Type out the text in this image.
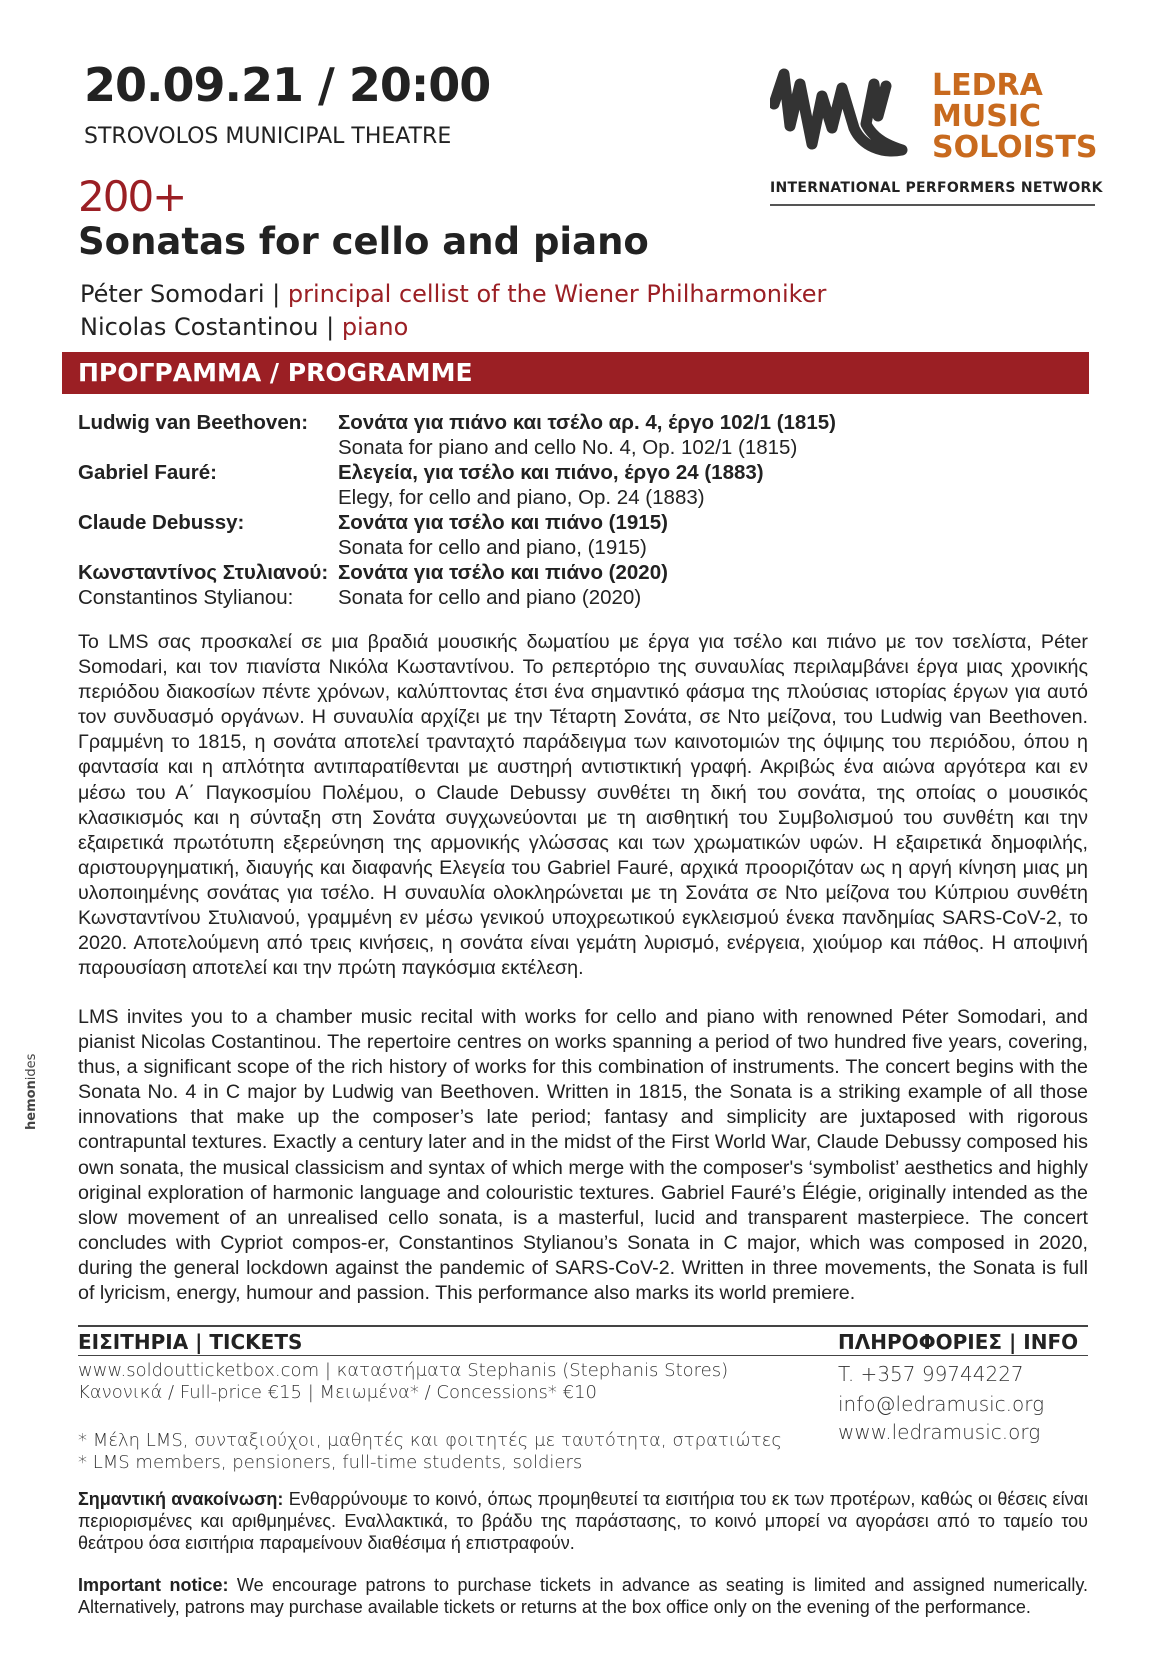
20.09.21 / 20:00
STROVOLOS MUNICIPAL THEATRE
LEDRA
MUSIC
SOLOISTS
INTERNATIONAL PERFORMERS NETWORK
200+
Sonatas for cello and piano
Péter Somodari | principal cellist of the Wiener Philharmoniker
Nicolas Costantinou | piano
ΠΡΟΓΡΑΜΜΑ / PROGRAMME
Ludwig van Beethoven:	Σονάτα για πιάνο και τσέλο αρ. 4, έργο 102/1 (1815)
Sonata for piano and cello No. 4, Op. 102/1 (1815)
Gabriel Fauré:	Ελεγεία, για τσέλο και πιάνο, έργο 24 (1883)
Elegy, for cello and piano, Op. 24 (1883)
Claude Debussy:	Σονάτα για τσέλο και πιάνο (1915)
Sonata for cello and piano, (1915)
Κωνσταντίνος Στυλιανού: Σονάτα για τσέλο και πιάνο (2020)
Constantinos Stylianou:	Sonata for cello and piano (2020)
Το LMS σας προσκαλεί σε μια βραδιά μουσικής δωματίου με έργα για τσέλο και πιάνο με τον τσελίστα, Péter Somodari, και τον πιανίστα Νικόλα Κωσταντίνου. Το ρεπερτόριο της συναυλίας περιλαμβάνει έργα μιας χρονικής περιόδου διακοσίων πέντε χρόνων, καλύπτοντας έτσι ένα σημαντικό φάσμα της πλούσιας ιστορίας έργων για αυτό τον συνδυασμό οργάνων. Η συναυλία αρχίζει με την Τέταρτη Σονάτα, σε Ντο μείζονα, του Ludwig van Beethoven. Γραμμένη το 1815, η σονάτα αποτελεί τρανταχτό παράδειγμα των καινοτομιών της όψιμης του περιόδου, όπου η φαντασία και η απλότητα αντιπαρατίθενται με αυστηρή αντιστικτική γραφή. Ακριβώς ένα αιώνα αργότερα και εν μέσω του Α΄ Παγκοσμίου Πολέμου, ο Claude Debussy συνθέτει τη δική του σονάτα, της οποίας ο μουσικός κλασικισμός και η σύνταξη στη Σονάτα συγχωνεύονται με τη αισθητική του Συμβολισμού του συνθέτη και την εξαιρετικά πρωτότυπη εξερεύνηση της αρμονικής γλώσσας και των χρωματικών υφών. Η εξαιρετικά δημοφιλής, αριστουργηματική, διαυγής και διαφανής Ελεγεία του Gabriel Fauré, αρχικά προοριζόταν ως η αργή κίνηση μιας μη υλοποιημένης σονάτας για τσέλο. Η συναυλία ολοκληρώνεται με τη Σονάτα σε Ντο μείζονα του Κύπριου συνθέτη Κωνσταντίνου Στυλιανού, γραμμένη εν μέσω γενικού υποχρεωτικού εγκλεισμού ένεκα πανδημίας SARS-CoV-2, το 2020. Αποτελούμενη από τρεις κινήσεις, η σονάτα είναι γεμάτη λυρισμό, ενέργεια, χιούμορ και πάθος. Η αποψινή παρουσίαση αποτελεί και την πρώτη παγκόσμια εκτέλεση.
LMS invites you to a chamber music recital with works for cello and piano with renowned Péter Somodari, and pianist Nicolas Costantinou. The repertoire centres on works spanning a period of two hundred five years, covering, thus, a significant scope of the rich history of works for this combination of instruments. The concert begins with the Sonata No. 4 in C major by Ludwig van Beethoven. Written in 1815, the Sonata is a striking example of all those innovations that make up the composer’s late period; fantasy and simplicity are juxtaposed with rigorous contrapuntal textures. Exactly a century later and in the midst of the First World War, Claude Debussy composed his own sonata, the musical classicism and syntax of which merge with the composer's ‘symbolist’ aesthetics and highly original exploration of harmonic language and colouristic textures. Gabriel Fauré’s Élégie, originally intended as the slow movement of an unrealised cello sonata, is a masterful, lucid and transparent masterpiece. The concert concludes with Cypriot compos-er, Constantinos Stylianou’s Sonata in C major, which was composed in 2020, during the general lockdown against the pandemic of SARS-CoV-2. Written in three movements, the Sonata is full of lyricism, energy, humour and passion. This performance also marks its world premiere.
ΕΙΣΙΤΗΡΙΑ | TICKETS	ΠΛΗΡΟΦΟΡΙΕΣ | INFO
www.soldoutticketbox.com | καταστήματα Stephanis (Stephanis Stores)
Κανονικά / Full-price €15 | Μειωμένα* / Concessions* €10
* Μέλη LMS, συνταξιούχοι, μαθητές και φοιτητές με ταυτότητα, στρατιώτες
* LMS members, pensioners, full-time students, soldiers
T. +357 99744227
info@ledramusic.org
www.ledramusic.org
Σημαντική ανακοίνωση: Ενθαρρύνουμε το κοινό, όπως προμηθευτεί τα εισιτήρια του εκ των προτέρων, καθώς οι θέσεις είναι περιορισμένες και αριθμημένες. Εναλλακτικά, το βράδυ της παράστασης, το κοινό μπορεί να αγοράσει από το ταμείο του θεάτρου όσα εισιτήρια παραμείνουν διαθέσιμα ή επιστραφούν.
Important notice: We encourage patrons to purchase tickets in advance as seating is limited and assigned numerically. Alternatively, patrons may purchase available tickets or returns at the box office only on the evening of the performance.
hemonides
